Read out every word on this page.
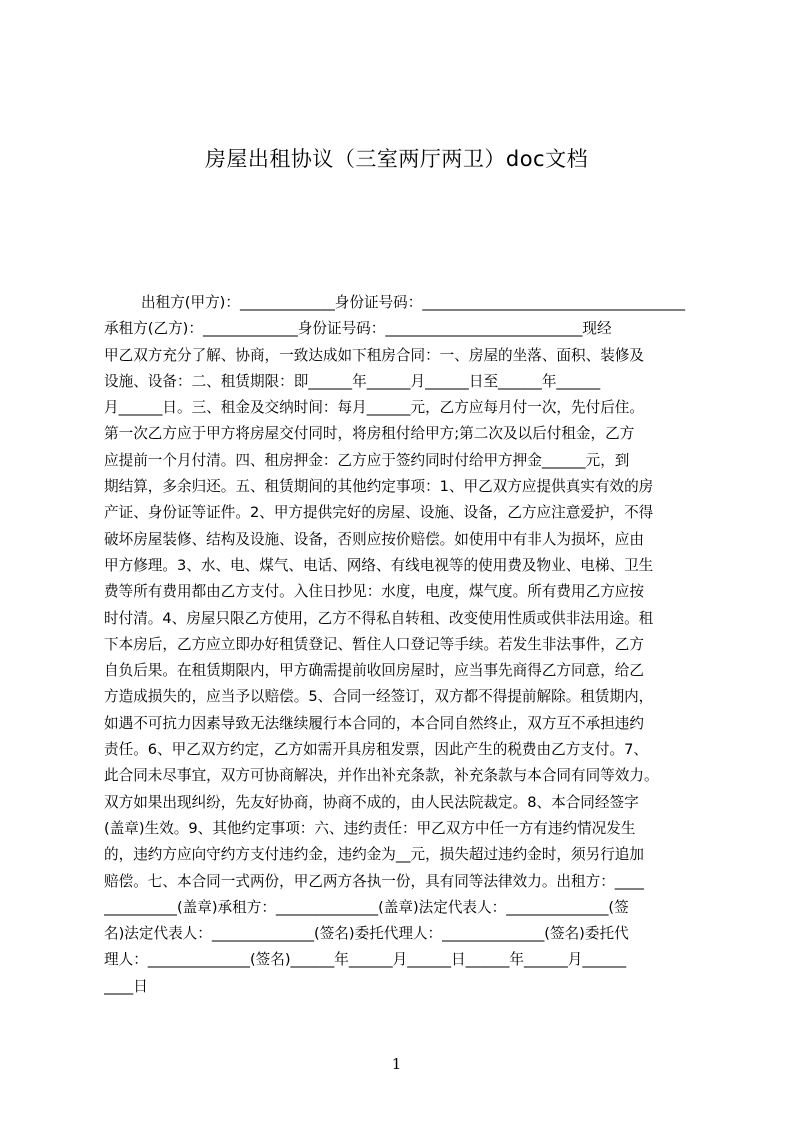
房屋出租协议（三室两厅两卫）doc文档
出租方(甲方)：_____________身份证号码：____________________________________
承租方(乙方)：_____________身份证号码：___________________________现经
甲乙双方充分了解、协商，一致达成如下租房合同：一、房屋的坐落、面积、装修及
设施、设备：二、租赁期限：即______年______月______日至______年______
月______日。三、租金及交纳时间：每月______元，乙方应每月付一次，先付后住。
第一次乙方应于甲方将房屋交付同时，将房租付给甲方;第二次及以后付租金，乙方
应提前一个月付清。四、租房押金：乙方应于签约同时付给甲方押金______元，到
期结算，多余归还。五、租赁期间的其他约定事项：1、甲乙双方应提供真实有效的房
产证、身份证等证件。2、甲方提供完好的房屋、设施、设备，乙方应注意爱护，不得
破坏房屋装修、结构及设施、设备，否则应按价赔偿。如使用中有非人为损坏，应由
甲方修理。3、水、电、煤气、电话、网络、有线电视等的使用费及物业、电梯、卫生
费等所有费用都由乙方支付。入住日抄见：水度，电度，煤气度。所有费用乙方应按
时付清。4、房屋只限乙方使用，乙方不得私自转租、改变使用性质或供非法用途。租
下本房后，乙方应立即办好租赁登记、暂住人口登记等手续。若发生非法事件，乙方
自负后果。在租赁期限内，甲方确需提前收回房屋时，应当事先商得乙方同意，给乙
方造成损失的，应当予以赔偿。5、合同一经签订，双方都不得提前解除。租赁期内，
如遇不可抗力因素导致无法继续履行本合同的，本合同自然终止，双方互不承担违约
责任。6、甲乙双方约定，乙方如需开具房租发票，因此产生的税费由乙方支付。7、
此合同未尽事宜，双方可协商解决，并作出补充条款，补充条款与本合同有同等效力。
双方如果出现纠纷，先友好协商，协商不成的，由人民法院裁定。8、本合同经签字
(盖章)生效。9、其他约定事项：六、违约责任：甲乙双方中任一方有违约情况发生
的，违约方应向守约方支付违约金，违约金为__元，损失超过违约金时，须另行追加
赔偿。七、本合同一式两份，甲乙两方各执一份，具有同等法律效力。出租方：____
__________(盖章)承租方：______________(盖章)法定代表人：______________(签
名)法定代表人：______________(签名)委托代理人：______________(签名)委托代
理人：______________(签名)______年______月______日______年______月______
____日
1
